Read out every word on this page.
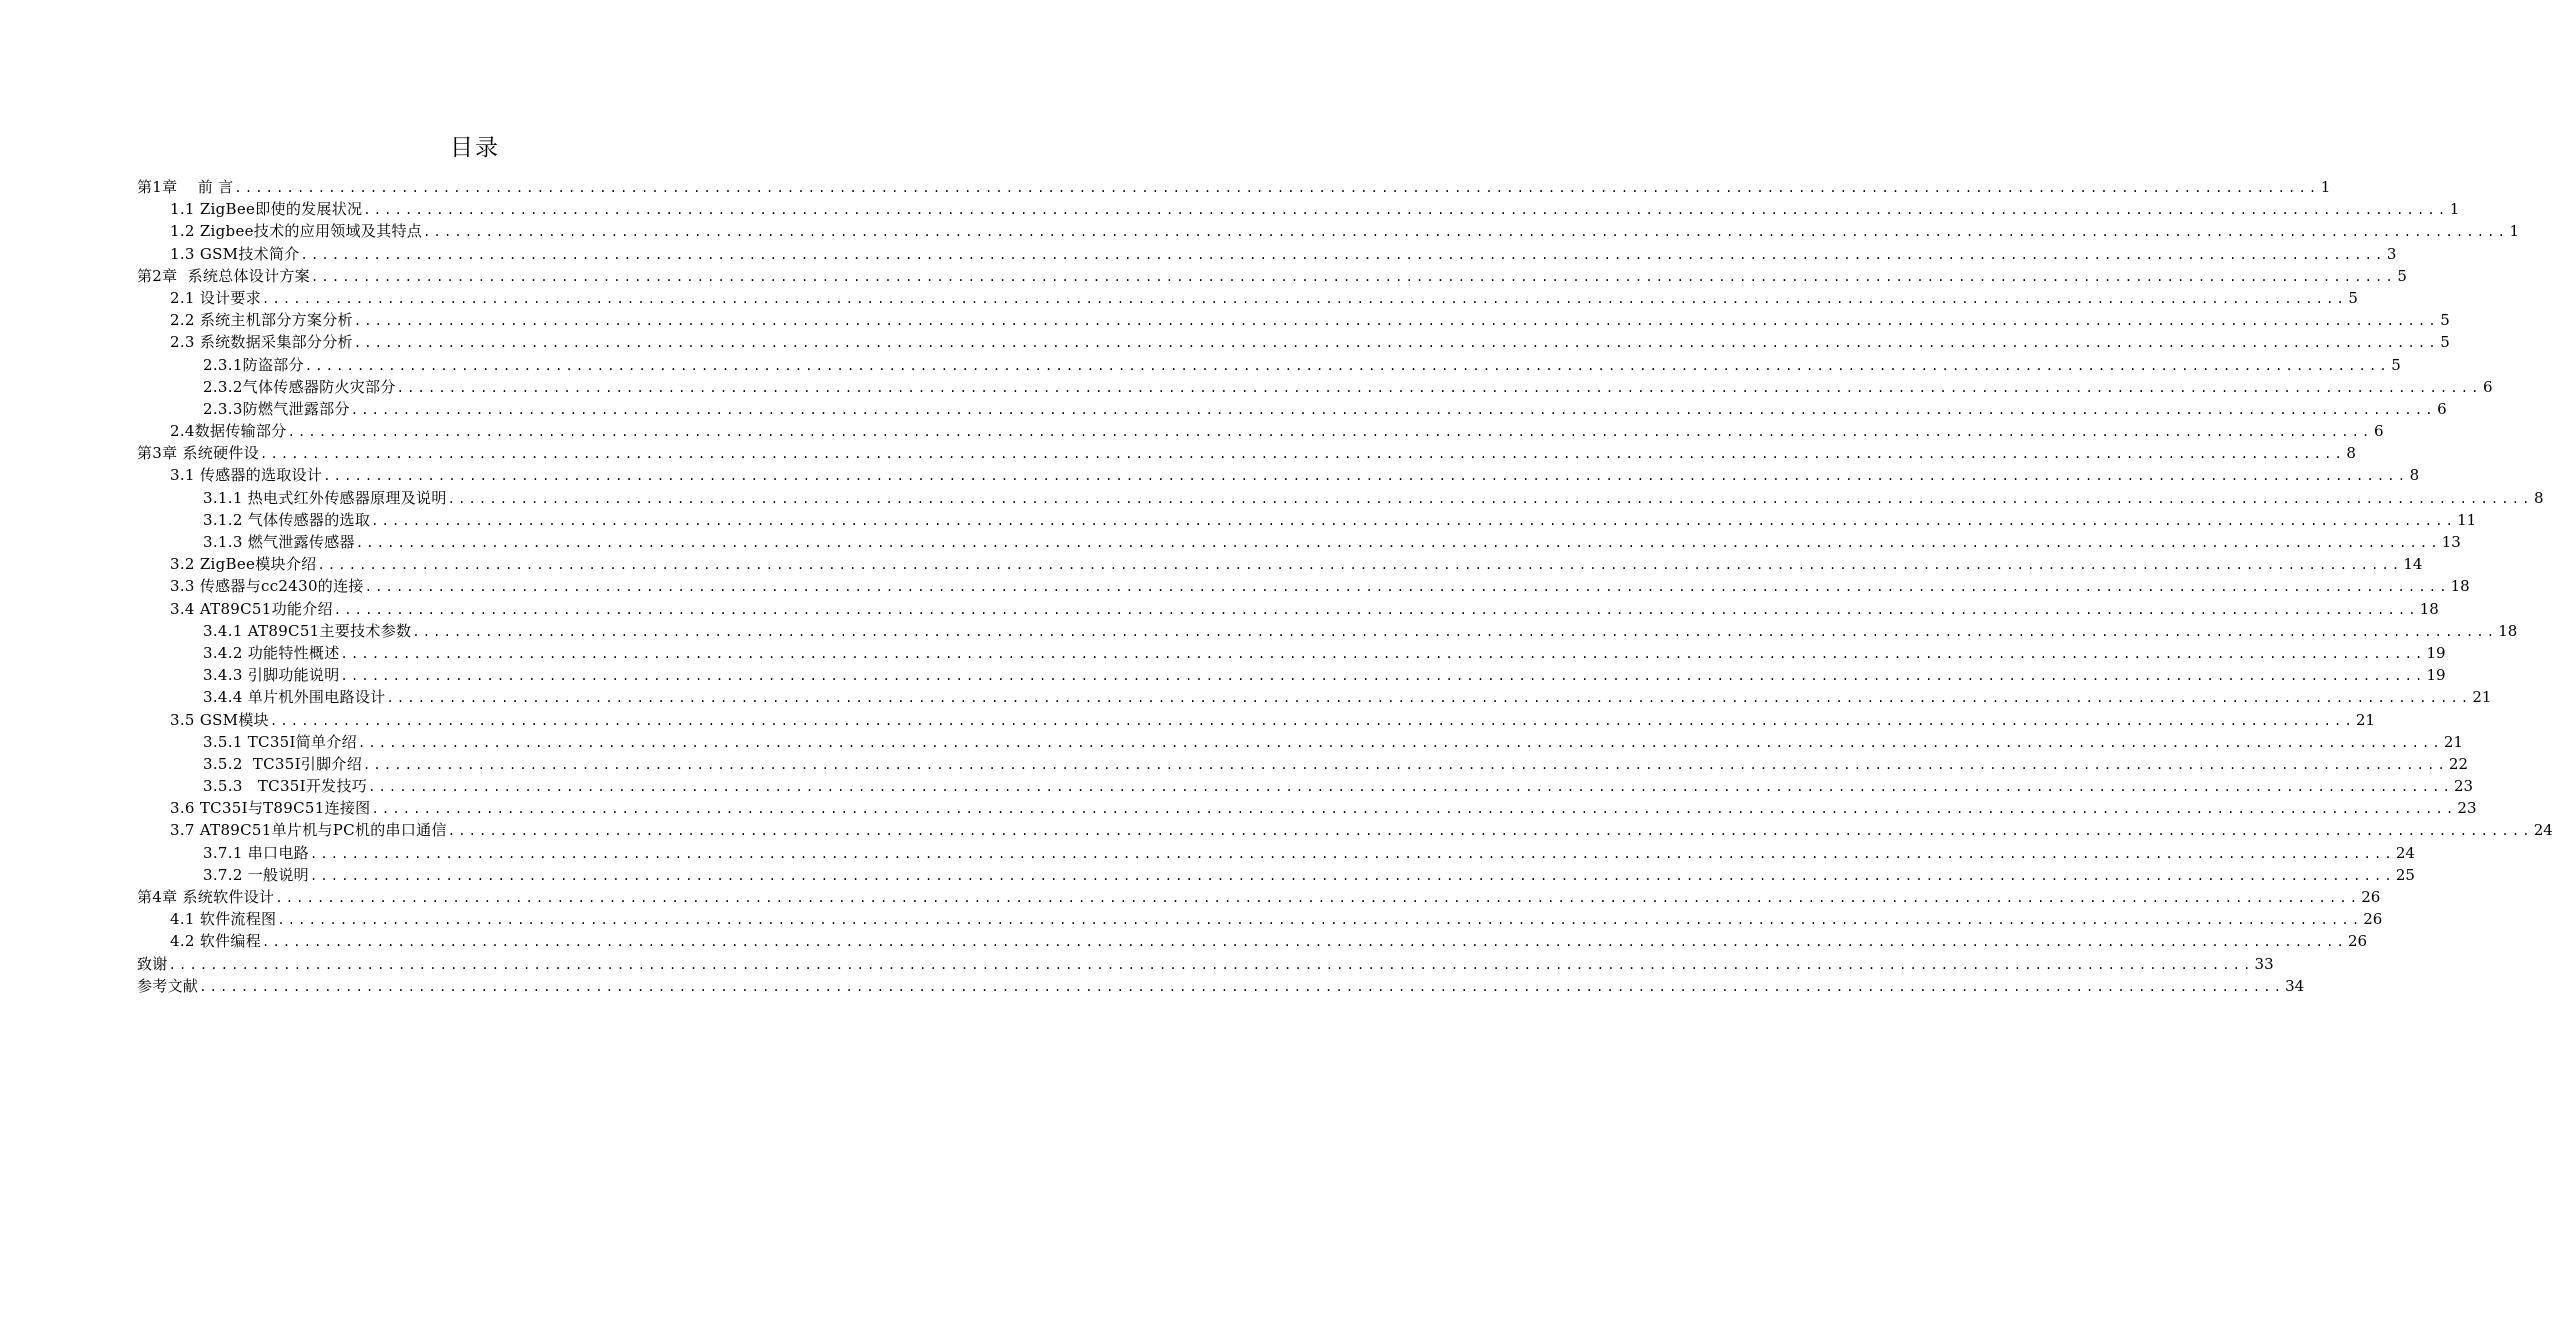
目录
第1章    前 言 ........................................................................................................................................................................................................ 1
1.1 ZigBee即使的发展状况 ........................................................................................................................................................................................................ 1
1.2 Zigbee技术的应用领域及其特点 ........................................................................................................................................................................................................ 1
1.3 GSM技术简介 ........................................................................................................................................................................................................ 3
第2章  系统总体设计方案 ........................................................................................................................................................................................................ 5
2.1 设计要求 ........................................................................................................................................................................................................ 5
2.2 系统主机部分方案分析 ........................................................................................................................................................................................................ 5
2.3 系统数据采集部分分析 ........................................................................................................................................................................................................ 5
2.3.1防盗部分 ........................................................................................................................................................................................................ 5
2.3.2气体传感器防火灾部分 ........................................................................................................................................................................................................ 6
2.3.3防燃气泄露部分 ........................................................................................................................................................................................................ 6
2.4数据传输部分 ........................................................................................................................................................................................................ 6
第3章 系统硬件设 ........................................................................................................................................................................................................ 8
3.1 传感器的选取设计 ........................................................................................................................................................................................................ 8
3.1.1 热电式红外传感器原理及说明 ........................................................................................................................................................................................................ 8
3.1.2 气体传感器的选取 ........................................................................................................................................................................................................ 11
3.1.3 燃气泄露传感器 ........................................................................................................................................................................................................ 13
3.2 ZigBee模块介绍 ........................................................................................................................................................................................................ 14
3.3 传感器与cc2430的连接 ........................................................................................................................................................................................................ 18
3.4 AT89C51功能介绍 ........................................................................................................................................................................................................ 18
3.4.1 AT89C51主要技术参数 ........................................................................................................................................................................................................ 18
3.4.2 功能特性概述 ........................................................................................................................................................................................................ 19
3.4.3 引脚功能说明 ........................................................................................................................................................................................................ 19
3.4.4 单片机外围电路设计 ........................................................................................................................................................................................................ 21
3.5 GSM模块 ........................................................................................................................................................................................................ 21
3.5.1 TC35I简单介绍 ........................................................................................................................................................................................................ 21
3.5.2  TC35I引脚介绍 ........................................................................................................................................................................................................ 22
3.5.3   TC35I开发技巧 ........................................................................................................................................................................................................ 23
3.6 TC35I与T89C51连接图 ........................................................................................................................................................................................................ 23
3.7 AT89C51单片机与PC机的串口通信 ........................................................................................................................................................................................................ 24
3.7.1 串口电路 ........................................................................................................................................................................................................ 24
3.7.2 一般说明 ........................................................................................................................................................................................................ 25
第4章 系统软件设计 ........................................................................................................................................................................................................ 26
4.1 软件流程图 ........................................................................................................................................................................................................ 26
4.2 软件编程 ........................................................................................................................................................................................................ 26
致谢 ........................................................................................................................................................................................................ 33
参考文献 ........................................................................................................................................................................................................ 34
